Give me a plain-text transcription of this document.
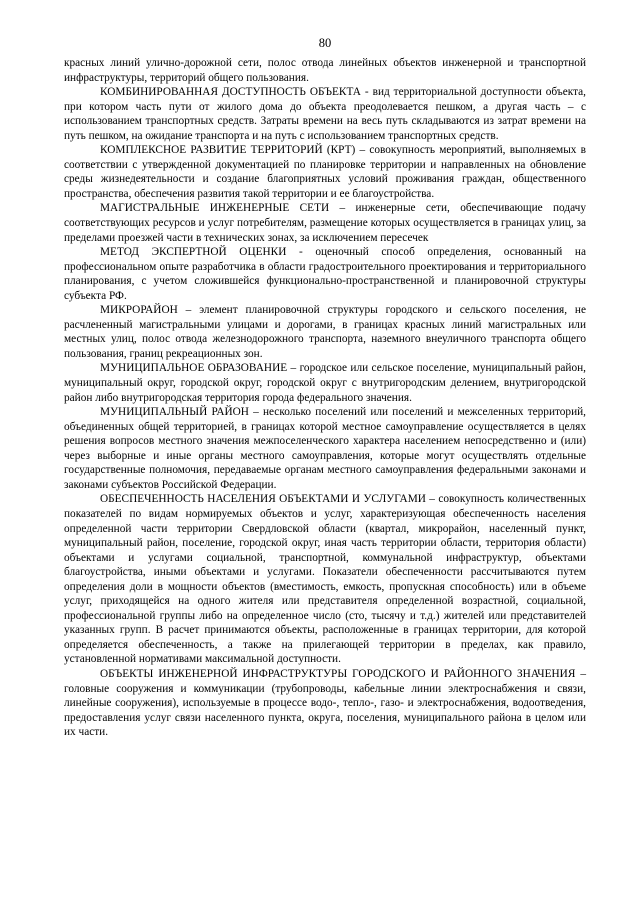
80

красных линий улично-дорожной сети, полос отвода линейных объектов инженерной и транспортной инфраструктуры, территорий общего пользования.

КОМБИНИРОВАННАЯ ДОСТУПНОСТЬ ОБЪЕКТА - вид территориальной доступности объекта, при котором часть пути от жилого дома до объекта преодолевается пешком, а другая часть – с использованием транспортных средств. Затраты времени на весь путь складываются из затрат времени на путь пешком, на ожидание транспорта и на путь с использованием транспортных средств.

КОМПЛЕКСНОЕ РАЗВИТИЕ ТЕРРИТОРИЙ (КРТ) – совокупность мероприятий, выполняемых в соответствии с утвержденной документацией по планировке территории и направленных на обновление среды жизнедеятельности и создание благоприятных условий проживания граждан, общественного пространства, обеспечения развития такой территории и ее благоустройства.

МАГИСТРАЛЬНЫЕ ИНЖЕНЕРНЫЕ СЕТИ – инженерные сети, обеспечивающие подачу соответствующих ресурсов и услуг потребителям, размещение которых осуществляется в границах улиц, за пределами проезжей части в технических зонах, за исключением пересечек

МЕТОД ЭКСПЕРТНОЙ ОЦЕНКИ - оценочный способ определения, основанный на профессиональном опыте разработчика в области градостроительного проектирования и территориального планирования, с учетом сложившейся функционально-пространственной и планировочной структуры субъекта РФ.

МИКРОРАЙОН – элемент планировочной структуры городского и сельского поселения, не расчлененный магистральными улицами и дорогами, в границах красных линий магистральных или местных улиц, полос отвода железнодорожного транспорта, наземного внеуличного транспорта общего пользования, границ рекреационных зон.

МУНИЦИПАЛЬНОЕ ОБРАЗОВАНИЕ – городское или сельское поселение, муниципальный район, муниципальный округ, городской округ, городской округ с внутригородским делением, внутригородской район либо внутригородская территория города федерального значения.

МУНИЦИПАЛЬНЫЙ РАЙОН – несколько поселений или поселений и межселенных территорий, объединенных общей территорией, в границах которой местное самоуправление осуществляется в целях решения вопросов местного значения межпоселенческого характера населением непосредственно и (или) через выборные и иные органы местного самоуправления, которые могут осуществлять отдельные государственные полномочия, передаваемые органам местного самоуправления федеральными законами и законами субъектов Российской Федерации.

ОБЕСПЕЧЕННОСТЬ НАСЕЛЕНИЯ ОБЪЕКТАМИ И УСЛУГАМИ – совокупность количественных показателей по видам нормируемых объектов и услуг, характеризующая обеспеченность населения определенной части территории Свердловской области (квартал, микрорайон, населенный пункт, муниципальный район, поселение, городской округ, иная часть территории области, территория области) объектами и услугами социальной, транспортной, коммунальной инфраструктур, объектами благоустройства, иными объектами и услугами. Показатели обеспеченности рассчитываются путем определения доли в мощности объектов (вместимость, емкость, пропускная способность) или в объеме услуг, приходящейся на одного жителя или представителя определенной возрастной, социальной, профессиональной группы либо на определенное число (сто, тысячу и т.д.) жителей или представителей указанных групп. В расчет принимаются объекты, расположенные в границах территории, для которой определяется обеспеченность, а также на прилегающей территории в пределах, как правило, установленной нормативами максимальной доступности.

ОБЪЕКТЫ ИНЖЕНЕРНОЙ ИНФРАСТРУКТУРЫ ГОРОДСКОГО И РАЙОННОГО ЗНАЧЕНИЯ – головные сооружения и коммуникации (трубопроводы, кабельные линии электроснабжения и связи, линейные сооружения), используемые в процессе водо-, тепло-, газо- и электроснабжения, водоотведения, предоставления услуг связи населенного пункта, округа, поселения, муниципального района в целом или их части.
